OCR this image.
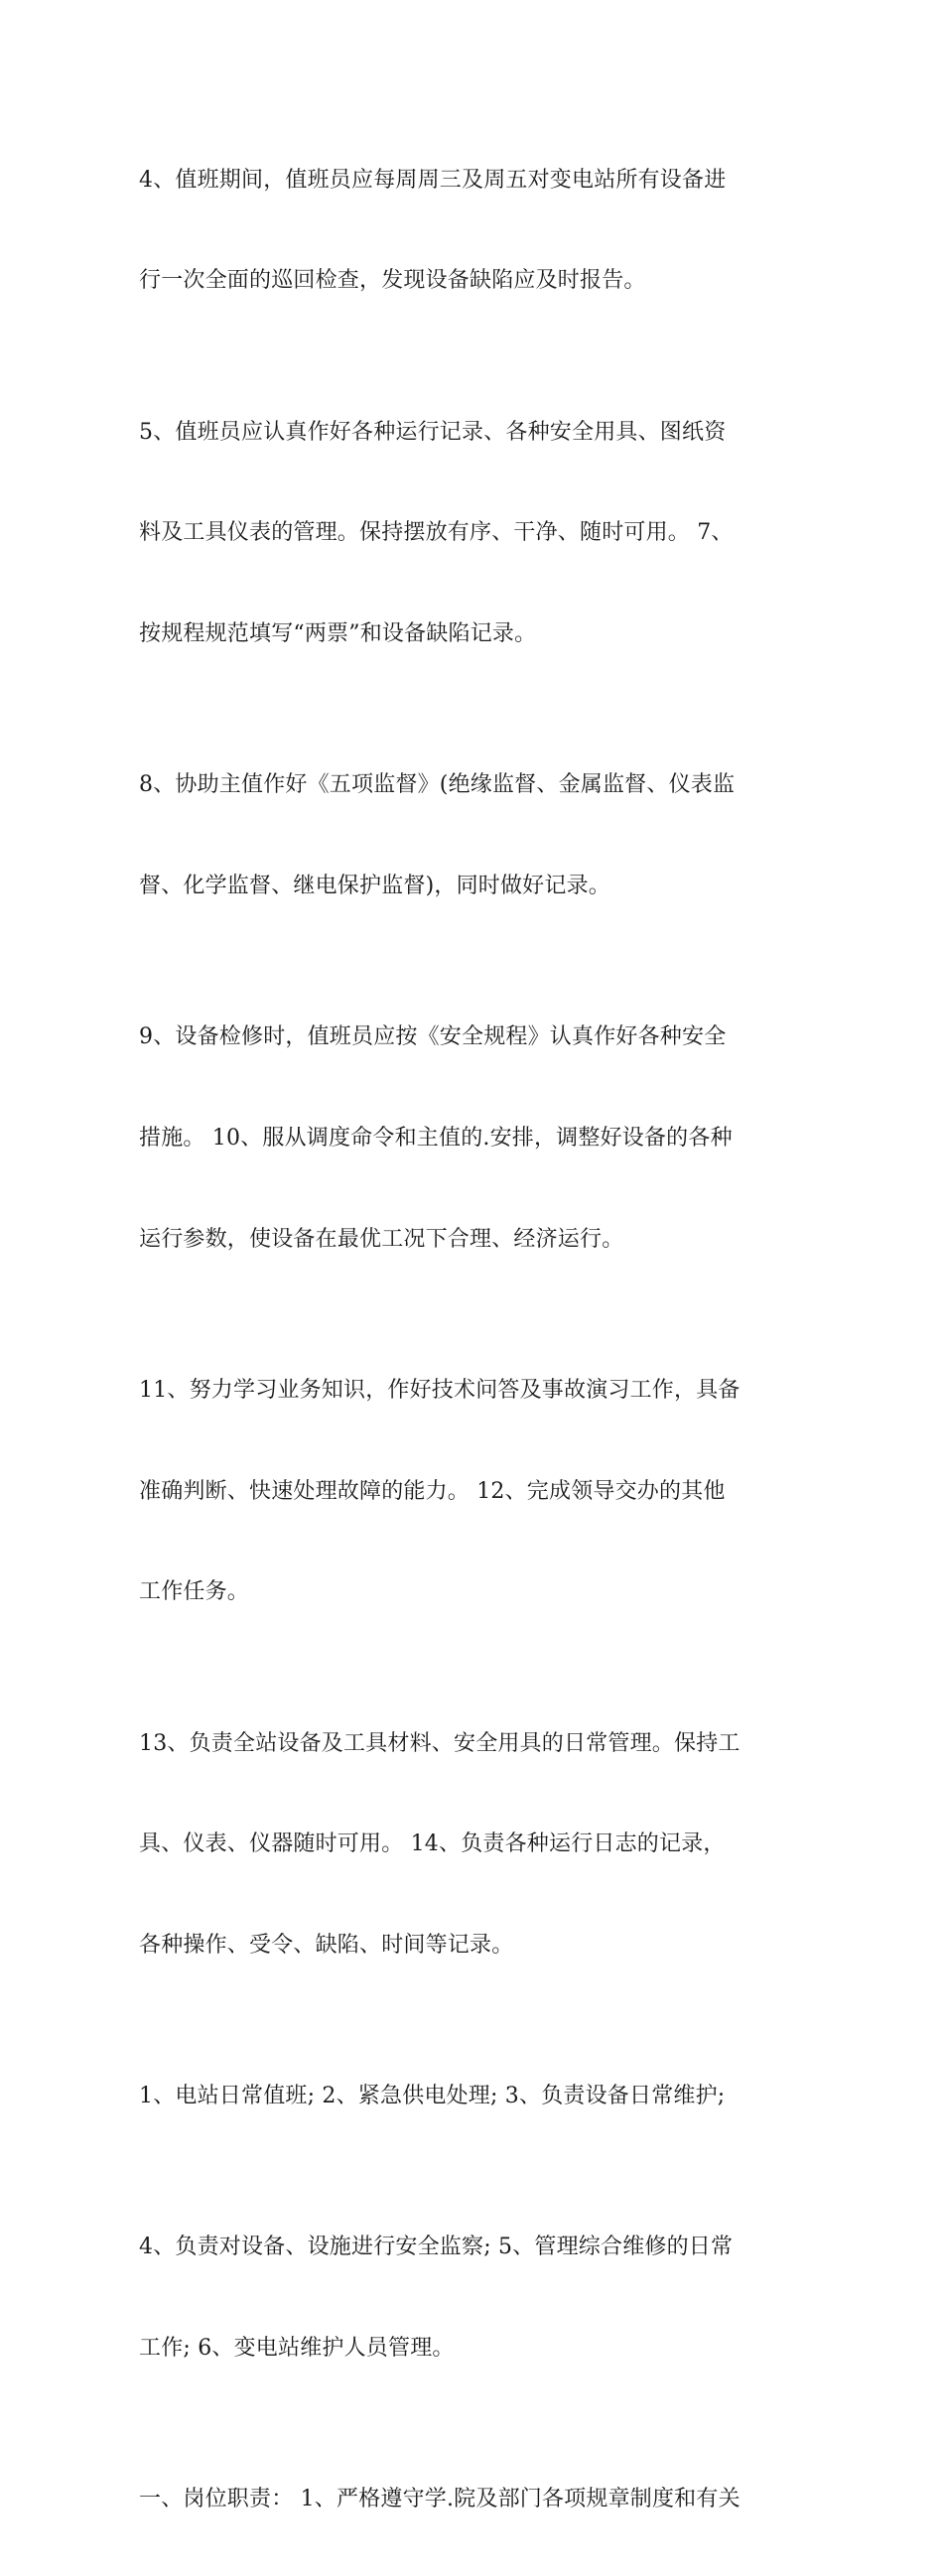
4、值班期间，值班员应每周周三及周五对变电站所有设备进

行一次全面的巡回检查，发现设备缺陷应及时报告。

5、值班员应认真作好各种运行记录、各种安全用具、图纸资

料及工具仪表的管理。保持摆放有序、干净、随时可用。 7、

按规程规范填写“两票”和设备缺陷记录。

8、协助主值作好《五项监督》(绝缘监督、金属监督、仪表监

督、化学监督、继电保护监督)，同时做好记录。

9、设备检修时，值班员应按《安全规程》认真作好各种安全

措施。 10、服从调度命令和主值的.安排，调整好设备的各种

运行参数，使设备在最优工况下合理、经济运行。

11、努力学习业务知识，作好技术问答及事故演习工作，具备

准确判断、快速处理故障的能力。 12、完成领导交办的其他

工作任务。

13、负责全站设备及工具材料、安全用具的日常管理。保持工

具、仪表、仪器随时可用。 14、负责各种运行日志的记录，

各种操作、受令、缺陷、时间等记录。

1、电站日常值班; 2、紧急供电处理; 3、负责设备日常维护;

4、负责对设备、设施进行安全监察; 5、管理综合维修的日常

工作; 6、变电站维护人员管理。

一、岗位职责： 1、严格遵守学.院及部门各项规章制度和有关
